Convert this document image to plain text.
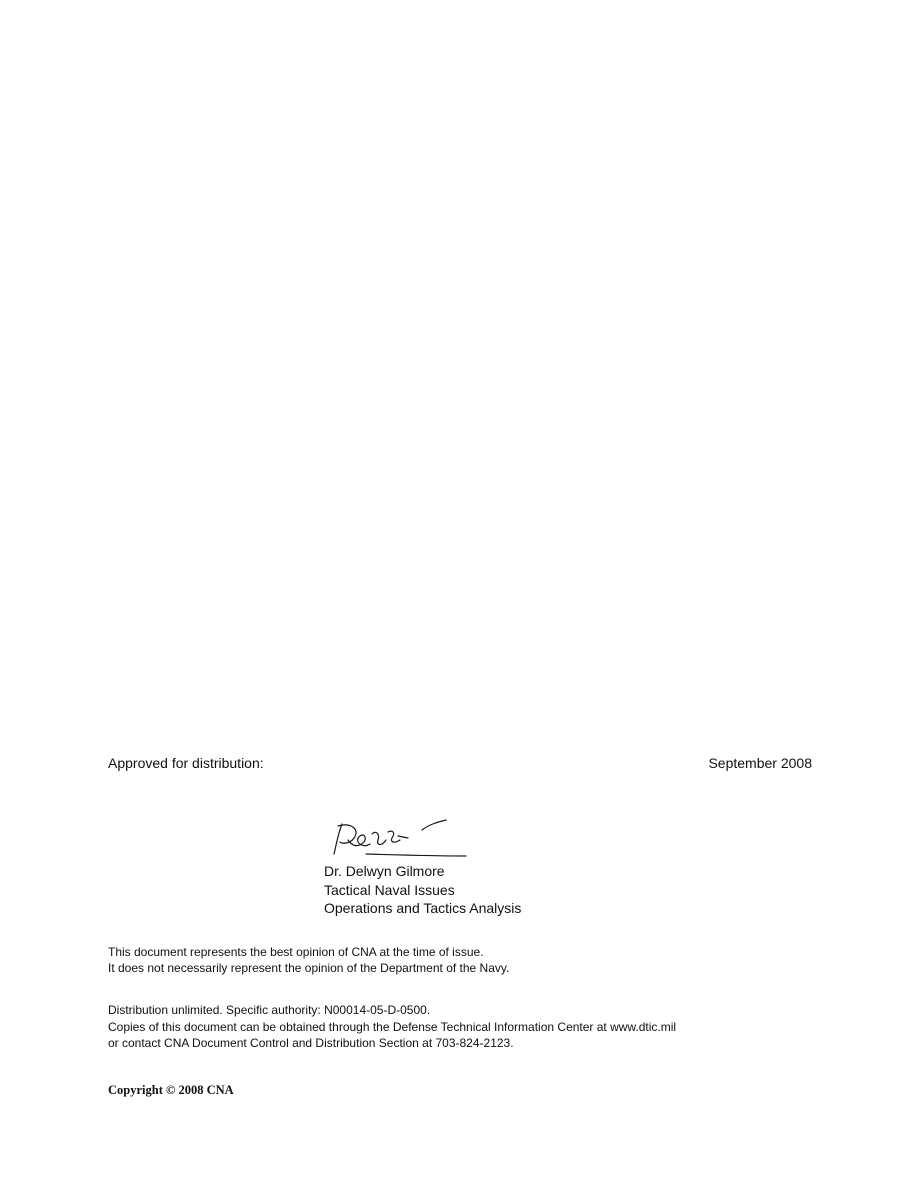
Approved for distribution:	September 2008
Dr. Delwyn Gilmore
Tactical Naval Issues
Operations and Tactics Analysis
This document represents the best opinion of CNA at the time of issue.
It does not necessarily represent the opinion of the Department of the Navy.
Distribution unlimited. Specific authority: N00014-05-D-0500.
Copies of this document can be obtained through the Defense Technical Information Center at www.dtic.mil
or contact CNA Document Control and Distribution Section at 703-824-2123.
Copyright © 2008 CNA
